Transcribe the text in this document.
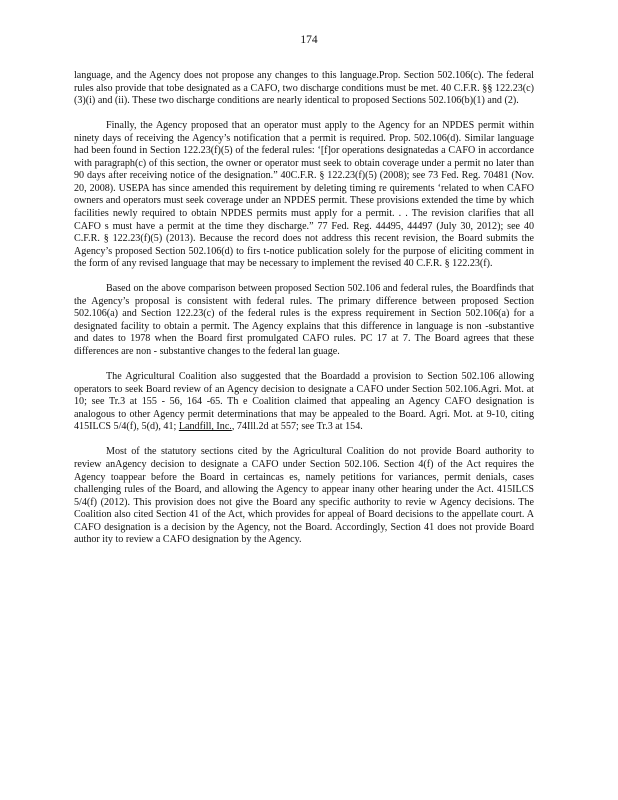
174

language, and the Agency does not propose any changes to this language.Prop. Section 502.106(c). The federal rules also provide that tobe designated as a CAFO, two discharge conditions must be met. 40 C.F.R. §§ 122.23(c)(3)(i) and (ii). These two discharge conditions are nearly identical to proposed Sections 502.106(b)(1) and (2).

Finally, the Agency proposed that an operator must apply to the Agency for an NPDES permit within ninety days of receiving the Agency’s notification that a permit is required. Prop. 502.106(d). Similar language had been found in Section 122.23(f)(5) of the federal rules: ‘[f]or operations designatedas a CAFO in accordance with paragraph(c) of this section, the owner or operator must seek to obtain coverage under a permit no later than 90 days after receiving notice of the designation.” 40C.F.R. § 122.23(f)(5) (2008); see 73 Fed. Reg. 70481 (Nov. 20, 2008). USEPA has since amended this requirement by deleting timing re quirements ‘related to when CAFO owners and operators must seek coverage under an NPDES permit. These provisions extended the time by which facilities newly required to obtain NPDES permits must apply for a permit. . . The revision clarifies that all CAFO s must have a permit at the time they discharge.” 77 Fed. Reg. 44495, 44497 (July 30, 2012); see 40 C.F.R. § 122.23(f)(5) (2013). Because the record does not address this recent revision, the Board submits the Agency’s proposed Section 502.106(d) to firs t-notice publication solely for the purpose of eliciting comment in the form of any revised language that may be necessary to implement the revised 40 C.F.R. § 122.23(f).

Based on the above comparison between proposed Section 502.106 and federal rules, the Boardfinds that the Agency’s proposal is consistent with federal rules. The primary difference between proposed Section 502.106(a) and Section 122.23(c) of the federal rules is the express requirement in Section 502.106(a) for a designated facility to obtain a permit. The Agency explains that this difference in language is non -substantive and dates to 1978 when the Board first promulgated CAFO rules. PC 17 at 7. The Board agrees that these differences are non - substantive changes to the federal lan guage.

The Agricultural Coalition also suggested that the Boardadd a provision to Section 502.106 allowing operators to seek Board review of an Agency decision to designate a CAFO under Section 502.106.Agri. Mot. at 10; see Tr.3 at 155 - 56, 164 -65. Th e Coalition claimed that appealing an Agency CAFO designation is analogous to other Agency permit determinations that may be appealed to the Board. Agri. Mot. at 9-10, citing 415ILCS 5/4(f), 5(d), 41; Landfill, Inc., 74Ill.2d at 557; see Tr.3 at 154.

Most of the statutory sections cited by the Agricultural Coalition do not provide Board authority to review anAgency decision to designate a CAFO under Section 502.106. Section 4(f) of the Act requires the Agency toappear before the Board in certaincas es, namely petitions for variances, permit denials, cases challenging rules of the Board, and allowing the Agency to appear inany other hearing under the Act. 415ILCS 5/4(f) (2012). This provision does not give the Board any specific authority to revie w Agency decisions. The Coalition also cited Section 41 of the Act, which provides for appeal of Board decisions to the appellate court. A CAFO designation is a decision by the Agency, not the Board. Accordingly, Section 41 does not provide Board author ity to review a CAFO designation by the Agency.
